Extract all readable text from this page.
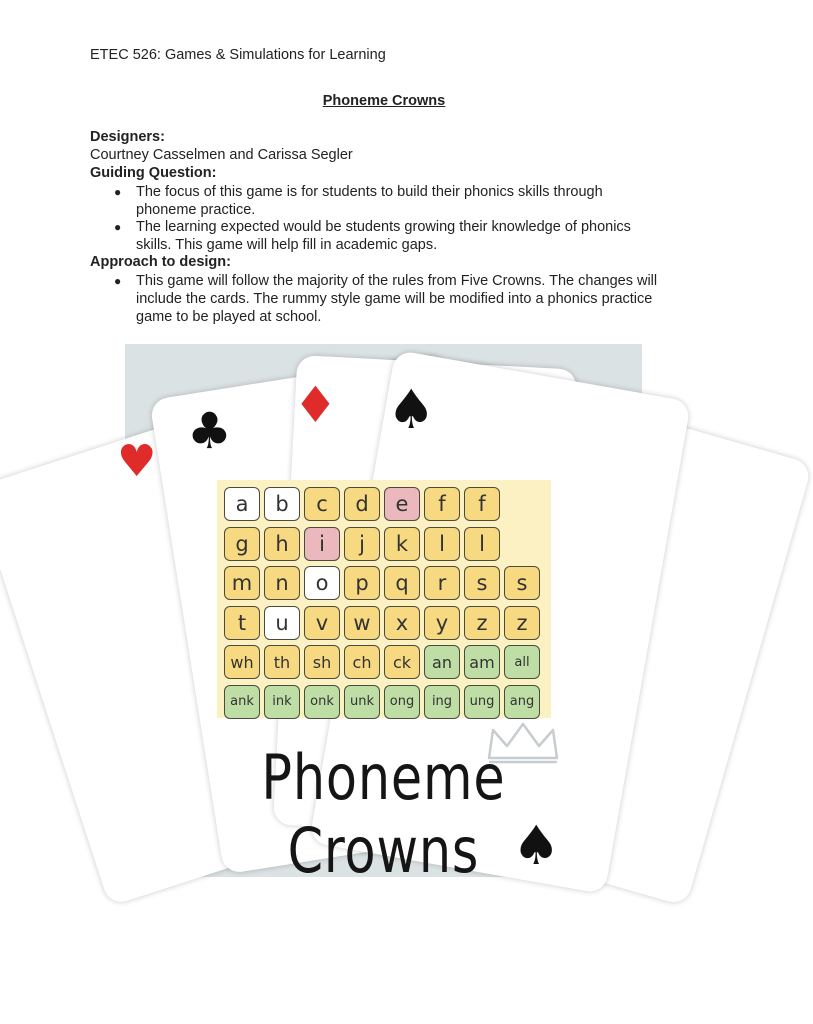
ETEC 526: Games & Simulations for Learning
Phoneme Crowns
Designers:
Courtney Casselmen and Carissa Segler
Guiding Question:
● The focus of this game is for students to build their phonics skills through
phoneme practice.
● The learning expected would be students growing their knowledge of phonics
skills. This game will help fill in academic gaps.
Approach to design:
● This game will follow the majority of the rules from Five Crowns. The changes will
include the cards. The rummy style game will be modified into a phonics practice
game to be played at school.
♥
♣ ♦ ♠
a	b	c	d	e	f	f
g	h	i	j	k	l	l
m	n	o	p	q	r	s	s
t	u	v	w	x	y	z	z
wh	th	sh	ch	ck	an	am	all
ank	ink	onk	unk	ong	ing	ung	ang
Phoneme Crowns ♠
